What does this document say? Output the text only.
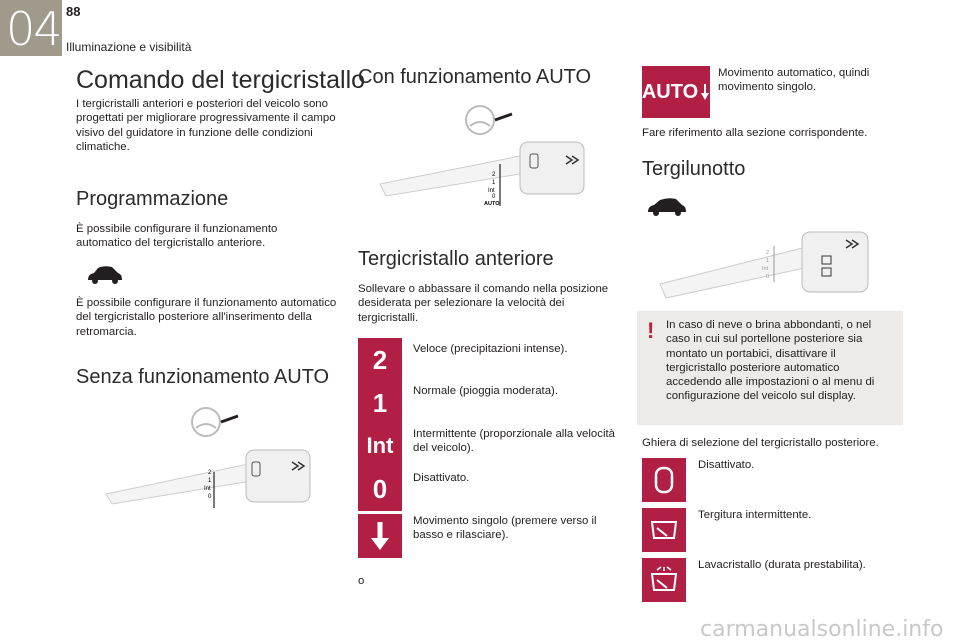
04 88
Illuminazione e visibilità
Comando del tergicristallo
I tergicristalli anteriori e posteriori del veicolo sono progettati per migliorare progressivamente il campo visivo del guidatore in funzione delle condizioni climatiche.
Programmazione
È possibile configurare il funzionamento automatico del tergicristallo anteriore.
È possibile configurare il funzionamento automatico del tergicristallo posteriore all'inserimento della retromarcia.
Senza funzionamento AUTO
2
1
Int
0
Con funzionamento AUTO
2
1
Int
0
AUTO
Tergicristallo anteriore
Sollevare o abbassare il comando nella posizione desiderata per selezionare la velocità dei tergicristalli.
2	Veloce (precipitazioni intense).
1	Normale (pioggia moderata).
Int	Intermittente (proporzionale alla velocità del veicolo).
0	Disattivato.
Movimento singolo (premere verso il basso e rilasciare).
o
AUTO
Movimento automatico, quindi movimento singolo.
Fare riferimento alla sezione corrispondente.
Tergilunotto
2
1
Int
0
! In caso di neve o brina abbondanti, o nel caso in cui sul portellone posteriore sia montato un portabici, disattivare il tergicristallo posteriore automatico accedendo alle impostazioni o al menu di configurazione del veicolo sul display.
Ghiera di selezione del tergicristallo posteriore.
Disattivato.
Tergitura intermittente.
Lavacristallo (durata prestabilita).
carmanualsonline.info
